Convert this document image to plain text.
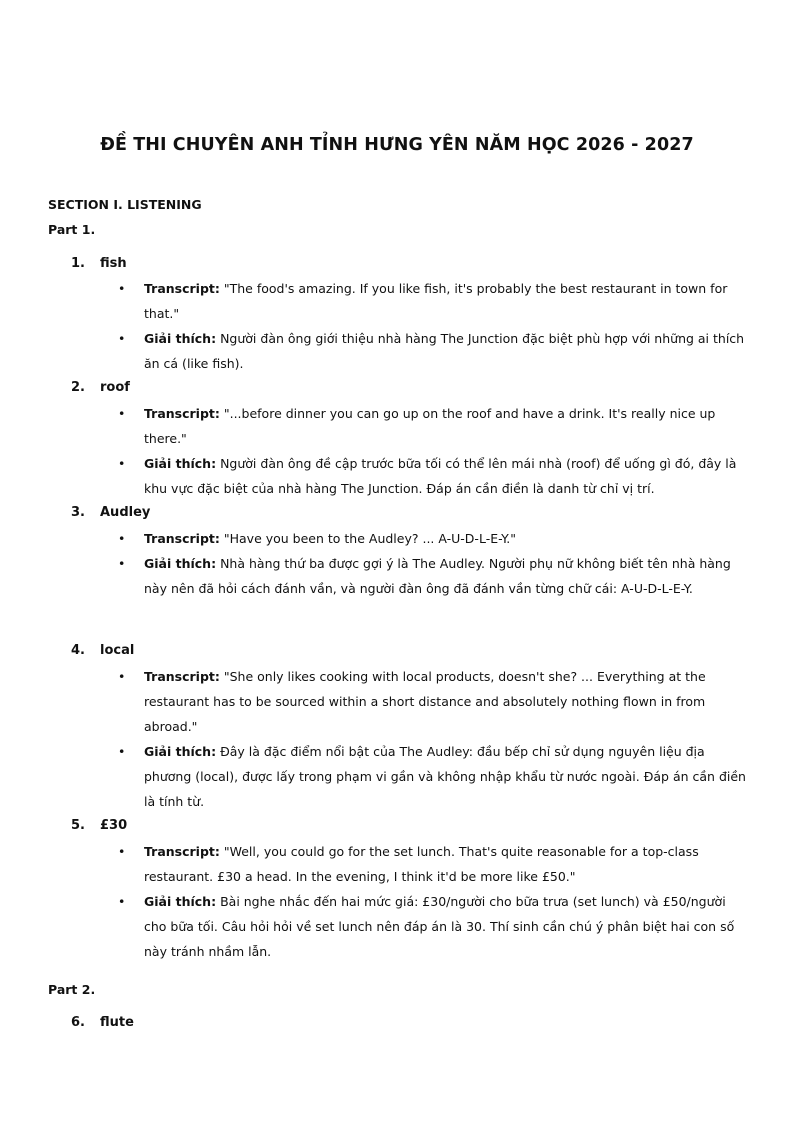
ĐỀ THI CHUYÊN ANH TỈNH HƯNG YÊN NĂM HỌC 2026 - 2027
SECTION I. LISTENING
Part 1.
1. fish
• Transcript: "The food's amazing. If you like fish, it's probably the best restaurant in town for that."
• Giải thích: Người đàn ông giới thiệu nhà hàng The Junction đặc biệt phù hợp với những ai thích ăn cá (like fish).
2. roof
• Transcript: "...before dinner you can go up on the roof and have a drink. It's really nice up there."
• Giải thích: Người đàn ông đề cập trước bữa tối có thể lên mái nhà (roof) để uống gì đó, đây là khu vực đặc biệt của nhà hàng The Junction. Đáp án cần điền là danh từ chỉ vị trí.
3. Audley
• Transcript: "Have you been to the Audley? ... A-U-D-L-E-Y."
• Giải thích: Nhà hàng thứ ba được gợi ý là The Audley. Người phụ nữ không biết tên nhà hàng này nên đã hỏi cách đánh vần, và người đàn ông đã đánh vần từng chữ cái: A-U-D-L-E-Y.
4. local
• Transcript: "She only likes cooking with local products, doesn't she? ... Everything at the restaurant has to be sourced within a short distance and absolutely nothing flown in from abroad."
• Giải thích: Đây là đặc điểm nổi bật của The Audley: đầu bếp chỉ sử dụng nguyên liệu địa phương (local), được lấy trong phạm vi gần và không nhập khẩu từ nước ngoài. Đáp án cần điền là tính từ.
5. £30
• Transcript: "Well, you could go for the set lunch. That's quite reasonable for a top-class restaurant. £30 a head. In the evening, I think it'd be more like £50."
• Giải thích: Bài nghe nhắc đến hai mức giá: £30/người cho bữa trưa (set lunch) và £50/người cho bữa tối. Câu hỏi hỏi về set lunch nên đáp án là 30. Thí sinh cần chú ý phân biệt hai con số này tránh nhầm lẫn.
Part 2.
6. flute
